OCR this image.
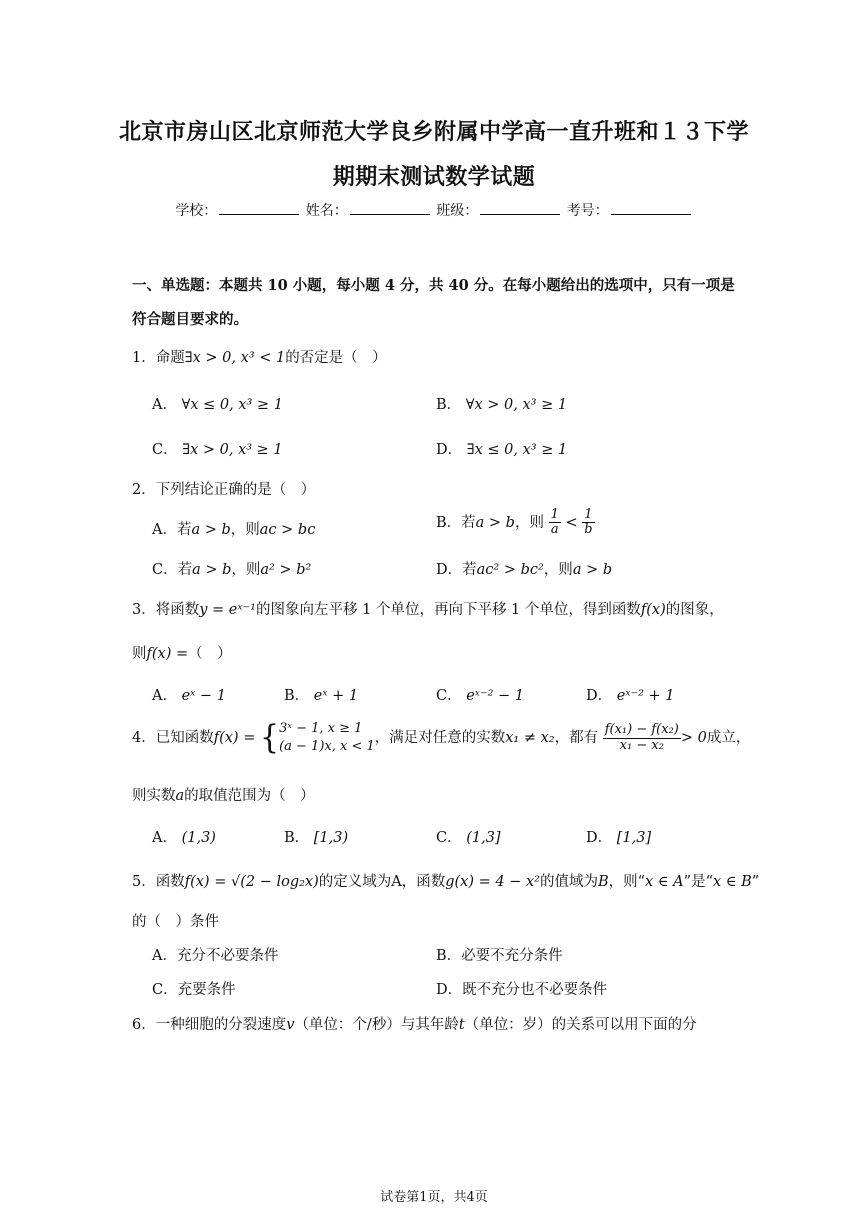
北京市房山区北京师范大学良乡附属中学高一直升班和１３下学
期期末测试数学试题
学校：	姓名：	班级：	考号：
一、单选题：本题共 10 小题，每小题 4 分，共 40 分。在每小题给出的选项中，只有一项是
符合题目要求的。
1．命题∃x > 0, x³ < 1的否定是（　）
A． ∀x ≤ 0, x³ ≥ 1	B． ∀x > 0, x³ ≥ 1
C． ∃x > 0, x³ ≥ 1	D． ∃x ≤ 0, x³ ≥ 1
2．下列结论正确的是（　）
A．若a > b，则ac > bc	B．若a > b，则 $\frac{1}{a} < \frac{1}{b}$
C．若a > b，则a² > b²	D．若ac² > bc²，则a > b
3．将函数y = eˣ⁻¹的图象向左平移 1 个单位，再向下平移 1 个单位，得到函数f(x)的图象，
则f(x) =（　）
A． eˣ − 1	B． eˣ + 1	C． eˣ⁻² − 1	D． eˣ⁻² + 1
4．已知函数f(x) = { 3ˣ − 1, x ≥ 1
(a − 1)x, x < 1
，满足对任意的实数x₁ ≠ x₂，都有 $\frac{\text{f(x₁) − f(x₂)}}{\text{x₁ − x₂}} > 0$成立，
则实数a的取值范围为（　）
A． (1,3)	B． [1,3)	C． (1,3]	D． [1,3]
5．函数f(x) = √(2 − log₂x)的定义域为A，函数g(x) = 4 − x²的值域为B，则“x ∈ A”是“x ∈ B”
的（　）条件
A．充分不必要条件	B．必要不充分条件
C．充要条件	D．既不充分也不必要条件
6．一种细胞的分裂速度v（单位：个/秒）与其年龄t（单位：岁）的关系可以用下面的分
试卷第1页，共4页
